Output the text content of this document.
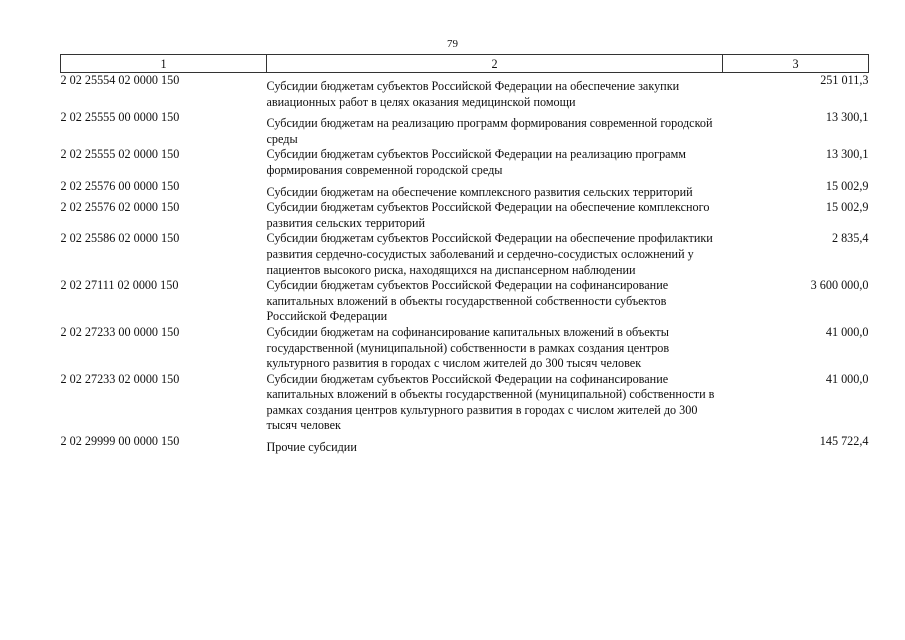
79
1	2	3
2 02 25554 02 0000 150	Субсидии бюджетам субъектов Российской Федерации на обеспечение закупки авиационных работ в целях оказания медицинской помощи	251 011,3
2 02 25555 00 0000 150	Субсидии бюджетам на реализацию программ формирования современной городской среды	13 300,1
2 02 25555 02 0000 150	Субсидии бюджетам субъектов Российской Федерации на реализацию программ формирования современной городской среды	13 300,1
2 02 25576 00 0000 150	Субсидии бюджетам на обеспечение комплексного развития сельских территорий	15 002,9
2 02 25576 02 0000 150	Субсидии бюджетам субъектов Российской Федерации на обеспечение комплексного развития сельских территорий	15 002,9
2 02 25586 02 0000 150	Субсидии бюджетам субъектов Российской Федерации на обеспечение профилактики развития сердечно-сосудистых заболеваний и сердечно-сосудистых осложнений у пациентов высокого риска, находящихся на диспансерном наблюдении	2 835,4
2 02 27111 02 0000 150	Субсидии бюджетам субъектов Российской Федерации на софинансирование капитальных вложений в объекты государственной собственности субъектов Российской Федерации	3 600 000,0
2 02 27233 00 0000 150	Субсидии бюджетам на софинансирование капитальных вложений в объекты государственной (муниципальной) собственности в рамках создания центров культурного развития в городах с числом жителей до 300 тысяч человек	41 000,0
2 02 27233 02 0000 150	Субсидии бюджетам субъектов Российской Федерации на софинансирование капитальных вложений в объекты государственной (муниципальной) собственности в рамках создания центров культурного развития в городах с числом жителей до 300 тысяч человек	41 000,0
2 02 29999 00 0000 150	Прочие субсидии	145 722,4
